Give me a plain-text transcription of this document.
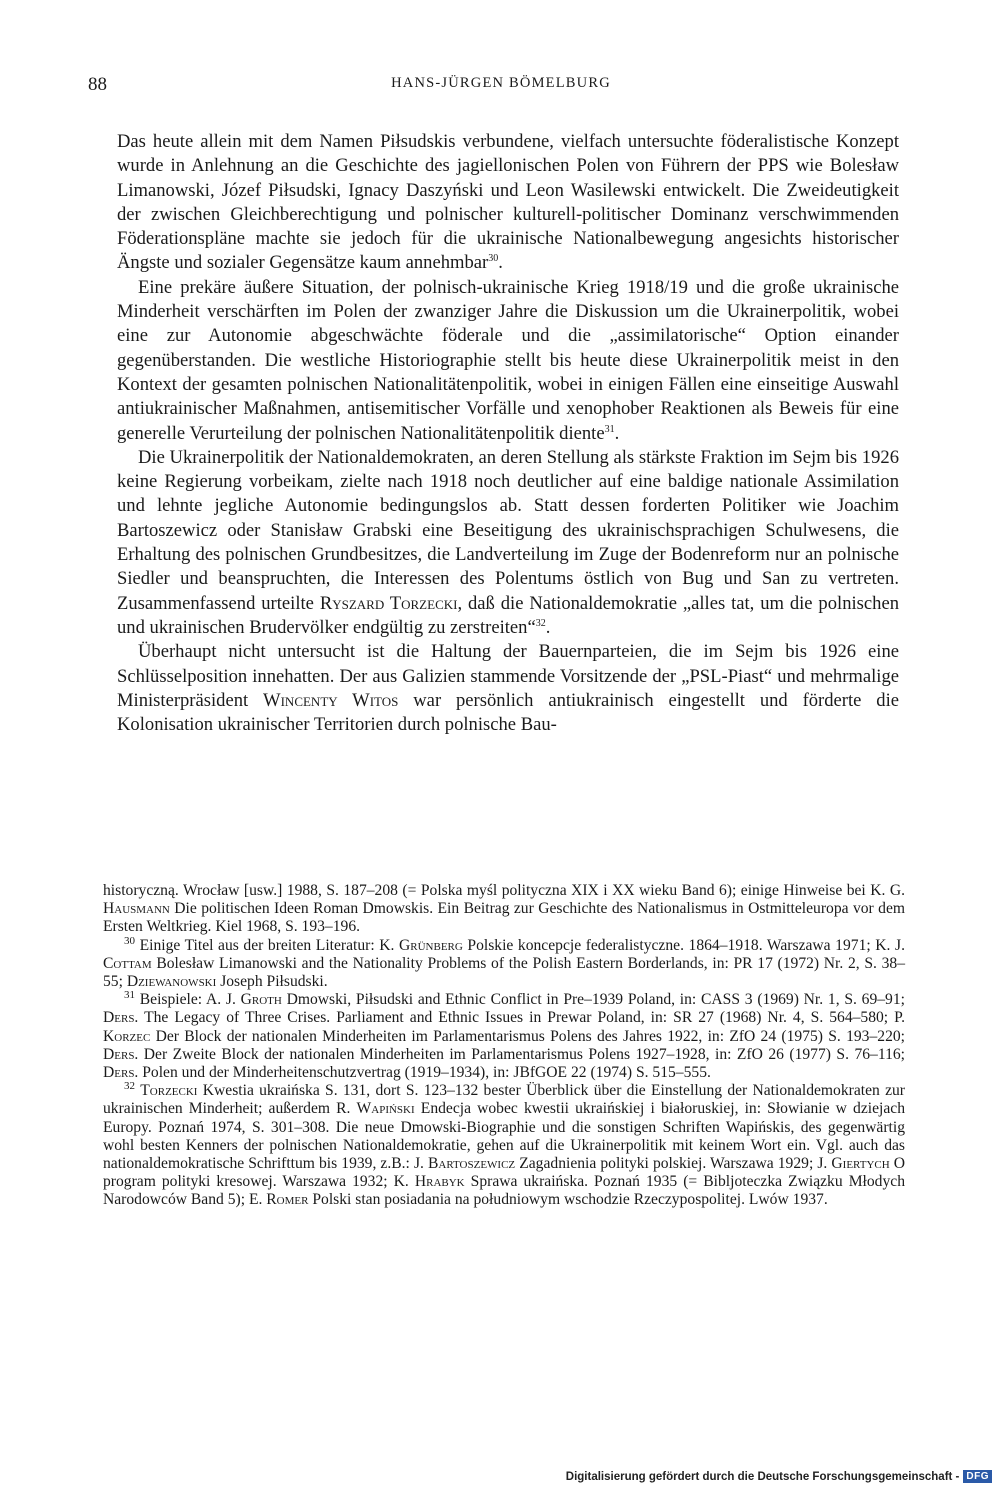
88	HANS-JÜRGEN BÖMELBURG

Das heute allein mit dem Namen Piłsudskis verbundene, vielfach untersuchte föderalistische Konzept wurde in Anlehnung an die Geschichte des jagiellonischen Polen von Führern der PPS wie Bolesław Limanowski, Józef Piłsudski, Ignacy Daszyński und Leon Wasilewski entwickelt. Die Zweideutigkeit der zwischen Gleichberechtigung und polnischer kulturell-politischer Dominanz verschwimmenden Föderationspläne machte sie jedoch für die ukrainische Nationalbewegung angesichts historischer Ängste und sozialer Gegensätze kaum annehmbar$^{30}$.

Eine prekäre äußere Situation, der polnisch-ukrainische Krieg 1918/19 und die große ukrainische Minderheit verschärften im Polen der zwanziger Jahre die Diskussion um die Ukrainerpolitik, wobei eine zur Autonomie abgeschwächte föderale und die „assimilatorische“ Option einander gegenüberstanden. Die westliche Historiographie stellt bis heute diese Ukrainerpolitik meist in den Kontext der gesamten polnischen Nationalitätenpolitik, wobei in einigen Fällen eine einseitige Auswahl antiukrainischer Maßnahmen, antisemitischer Vorfälle und xenophober Reaktionen als Beweis für eine generelle Verurteilung der polnischen Nationalitätenpolitik diente$^{31}$.

Die Ukrainerpolitik der Nationaldemokraten, an deren Stellung als stärkste Fraktion im Sejm bis 1926 keine Regierung vorbeikam, zielte nach 1918 noch deutlicher auf eine baldige nationale Assimilation und lehnte jegliche Autonomie bedingungslos ab. Statt dessen forderten Politiker wie Joachim Bartoszewicz oder Stanisław Grabski eine Beseitigung des ukrainischsprachigen Schulwesens, die Erhaltung des polnischen Grundbesitzes, die Landverteilung im Zuge der Bodenreform nur an polnische Siedler und beanspruchten, die Interessen des Polentums östlich von Bug und San zu vertreten. Zusammenfassend urteilte Ryszard Torzecki, daß die Nationaldemokratie „alles tat, um die polnischen und ukrainischen Brudervölker endgültig zu zerstreiten“$^{32}$.

Überhaupt nicht untersucht ist die Haltung der Bauernparteien, die im Sejm bis 1926 eine Schlüsselposition innehatten. Der aus Galizien stammende Vorsitzende der „PSL-Piast“ und mehrmalige Ministerpräsident Wincenty Witos war persönlich antiukrainisch eingestellt und förderte die Kolonisation ukrainischer Territorien durch polnische Bau-

historyczną. Wrocław [usw.] 1988, S. 187–208 (= Polska myśl polityczna XIX i XX wieku Band 6); einige Hinweise bei K. G. Hausmann Die politischen Ideen Roman Dmowskis. Ein Beitrag zur Geschichte des Nationalismus in Ostmitteleuropa vor dem Ersten Weltkrieg. Kiel 1968, S. 193–196.

$^{30}$ Einige Titel aus der breiten Literatur: K. Grünberg Polskie koncepcje federalistyczne. 1864–1918. Warszawa 1971; K. J. Cottam Bolesław Limanowski and the Nationality Problems of the Polish Eastern Borderlands, in: PR 17 (1972) Nr. 2, S. 38–55; Dziewanowski Joseph Piłsudski.

$^{31}$ Beispiele: A. J. Groth Dmowski, Piłsudski and Ethnic Conflict in Pre–1939 Poland, in: CASS 3 (1969) Nr. 1, S. 69–91; Ders. The Legacy of Three Crises. Parliament and Ethnic Issues in Prewar Poland, in: SR 27 (1968) Nr. 4, S. 564–580; P. Korzec Der Block der nationalen Minderheiten im Parlamentarismus Polens des Jahres 1922, in: ZfO 24 (1975) S. 193–220; Ders. Der Zweite Block der nationalen Minderheiten im Parlamentarismus Polens 1927–1928, in: ZfO 26 (1977) S. 76–116; Ders. Polen und der Minderheitenschutzvertrag (1919–1934), in: JBfGOE 22 (1974) S. 515–555.

$^{32}$ Torzecki Kwestia ukraińska S. 131, dort S. 123–132 bester Überblick über die Einstellung der Nationaldemokraten zur ukrainischen Minderheit; außerdem R. Wapiński Endecja wobec kwestii ukraińskiej i białoruskiej, in: Słowianie w dziejach Europy. Poznań 1974, S. 301–308. Die neue Dmowski-Biographie und die sonstigen Schriften Wapińskis, des gegenwärtig wohl besten Kenners der polnischen Nationaldemokratie, gehen auf die Ukrainerpolitik mit keinem Wort ein. Vgl. auch das nationaldemokratische Schrifttum bis 1939, z.B.: J. Bartoszewicz Zagadnienia polityki polskiej. Warszawa 1929; J. Giertych O program polityki kresowej. Warszawa 1932; K. Hrabyk Sprawa ukraińska. Poznań 1935 (= Bibljoteczka Związku Młodych Narodowców Band 5); E. Romer Polski stan posiadania na południowym wschodzie Rzeczypospolitej. Lwów 1937.

Digitalisierung gefördert durch die Deutsche Forschungsgemeinschaft - DFG
